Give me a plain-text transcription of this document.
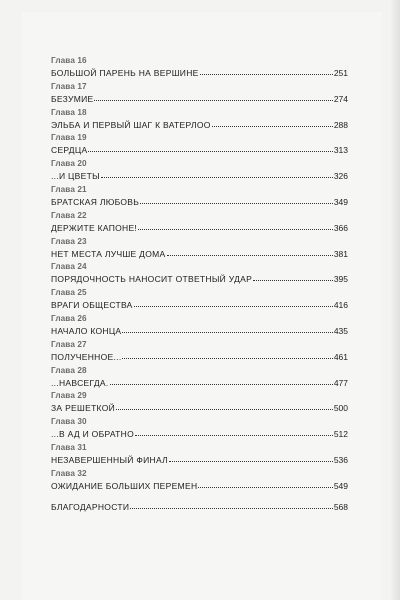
Глава 16
БОЛЬШОЙ ПАРЕНЬ НА ВЕРШИНЕ	251
Глава 17
БЕЗУМИЕ	274
Глава 18
ЭЛЬБА И ПЕРВЫЙ ШАГ К ВАТЕРЛОО	288
Глава 19
СЕРДЦА	313
Глава 20
...И ЦВЕТЫ	326
Глава 21
БРАТСКАЯ ЛЮБОВЬ	349
Глава 22
ДЕРЖИТЕ КАПОНЕ!	366
Глава 23
НЕТ МЕСТА ЛУЧШЕ ДОМА	381
Глава 24
ПОРЯДОЧНОСТЬ НАНОСИТ ОТВЕТНЫЙ УДАР	395
Глава 25
ВРАГИ ОБЩЕСТВА	416
Глава 26
НАЧАЛО КОНЦА	435
Глава 27
ПОЛУЧЕННОЕ...	461
Глава 28
...НАВСЕГДА.	477
Глава 29
ЗА РЕШЕТКОЙ	500
Глава 30
...В АД И ОБРАТНО	512
Глава 31
НЕЗАВЕРШЕННЫЙ ФИНАЛ	536
Глава 32
ОЖИДАНИЕ БОЛЬШИХ ПЕРЕМЕН	549
БЛАГОДАРНОСТИ	568
